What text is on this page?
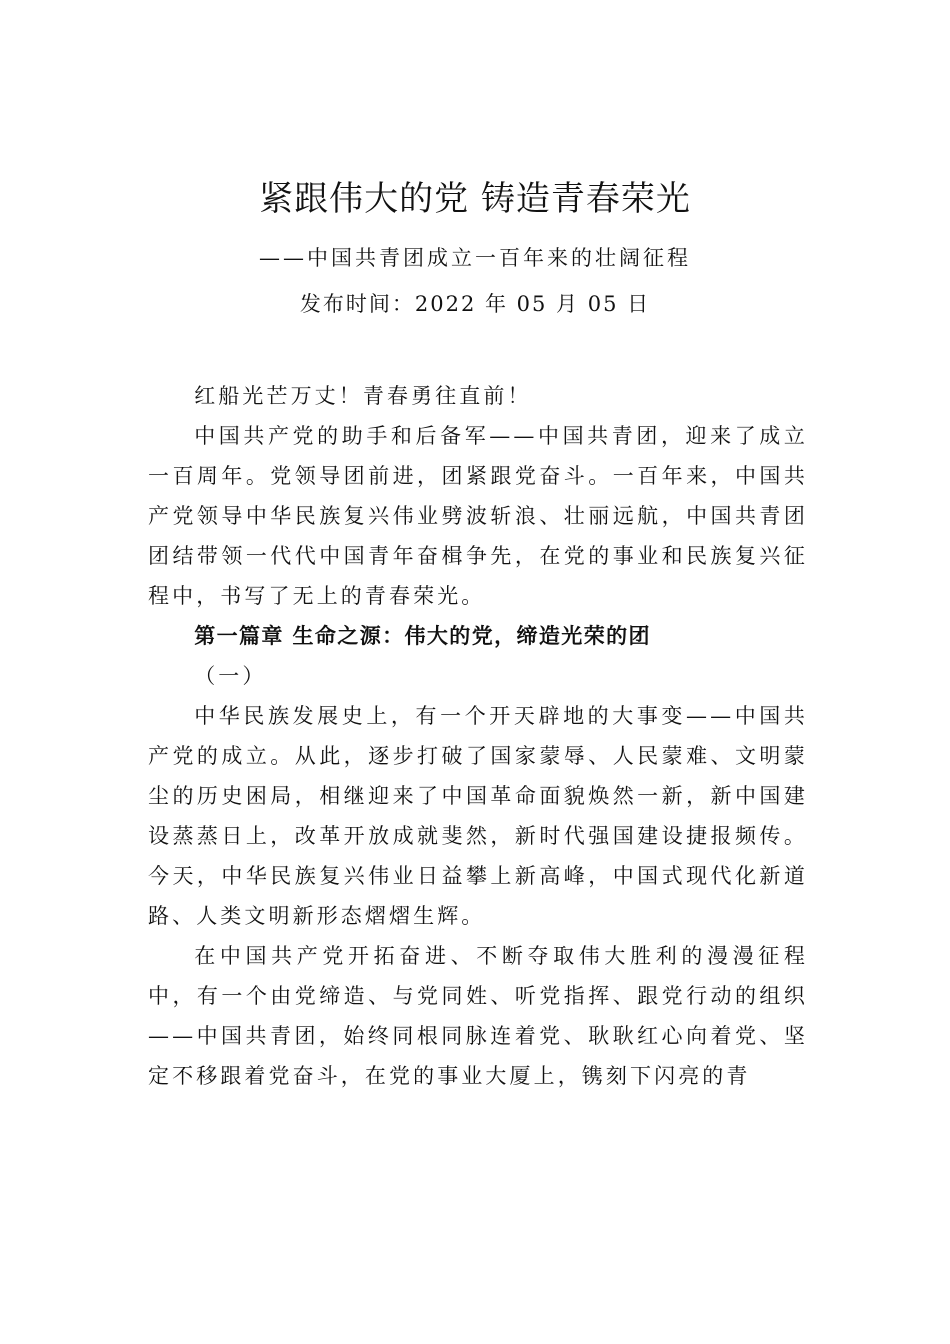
紧跟伟大的党 铸造青春荣光
——中国共青团成立一百年来的壮阔征程
发布时间：2022 年 05 月 05 日

红船光芒万丈！青春勇往直前！

中国共产党的助手和后备军——中国共青团，迎来了成立一百周年。党领导团前进，团紧跟党奋斗。一百年来，中国共产党领导中华民族复兴伟业劈波斩浪、壮丽远航，中国共青团团结带领一代代中国青年奋楫争先，在党的事业和民族复兴征程中，书写了无上的青春荣光。

第一篇章 生命之源：伟大的党，缔造光荣的团

（一）

中华民族发展史上，有一个开天辟地的大事变——中国共产党的成立。从此，逐步打破了国家蒙辱、人民蒙难、文明蒙尘的历史困局，相继迎来了中国革命面貌焕然一新，新中国建设蒸蒸日上，改革开放成就斐然，新时代强国建设捷报频传。今天，中华民族复兴伟业日益攀上新高峰，中国式现代化新道路、人类文明新形态熠熠生辉。

在中国共产党开拓奋进、不断夺取伟大胜利的漫漫征程中，有一个由党缔造、与党同姓、听党指挥、跟党行动的组织——中国共青团，始终同根同脉连着党、耿耿红心向着党、坚定不移跟着党奋斗，在党的事业大厦上，镌刻下闪亮的青
